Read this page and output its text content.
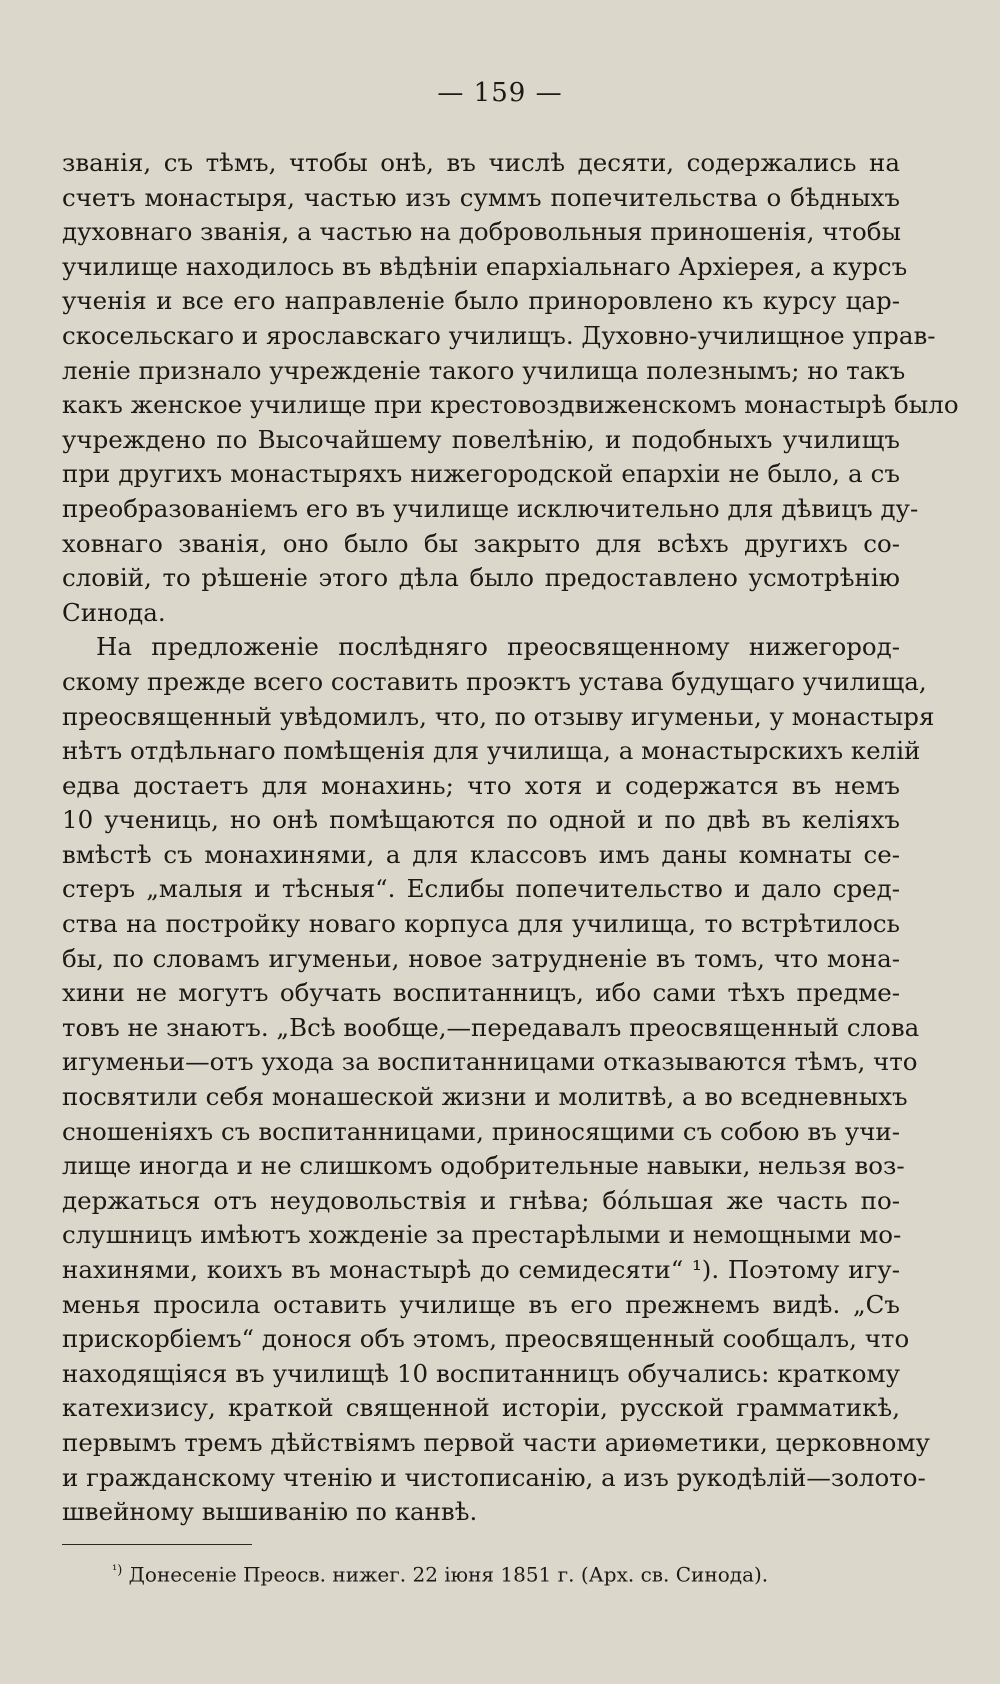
— 159 —
званія, съ тѣмъ, чтобы онѣ, въ числѣ десяти, содержались на
счетъ монастыря, частью изъ суммъ попечительства о бѣдныхъ
духовнаго званія, а частью на добровольныя приношенія, чтобы
училище находилось въ вѣдѣніи епархіальнаго Архіерея, а курсъ
ученія и все его направленіе было приноровлено къ курсу цар-
скосельскаго и ярославскаго училищъ. Духовно-училищное управ-
леніе признало учрежденіе такого училища полезнымъ; но такъ
какъ женское училище при крестовоздвиженскомъ монастырѣ было
учреждено по Высочайшему повелѣнію, и подобныхъ училищъ
при другихъ монастыряхъ нижегородской епархіи не было, а съ
преобразованіемъ его въ училище исключительно для дѣвицъ ду-
ховнаго званія, оно было бы закрыто для всѣхъ другихъ со-
словій, то рѣшеніе этого дѣла было предоставлено усмотрѣнію
Синода.
На предложеніе послѣдняго преосвященному нижегород-
скому прежде всего составить проэктъ устава будущаго училища,
преосвященный увѣдомилъ, что, по отзыву игуменьи, у монастыря
нѣтъ отдѣльнаго помѣщенія для училища, а монастырскихъ келій
едва достаетъ для монахинь; что хотя и содержатся въ немъ
10 учениць, но онѣ помѣщаются по одной и по двѣ въ келіяхъ
вмѣстѣ съ монахинями, а для классовъ имъ даны комнаты се-
стеръ „малыя и тѣсныя“. Еслибы попечительство и дало сред-
ства на постройку новаго корпуса для училища, то встрѣтилось
бы, по словамъ игуменьи, новое затрудненіе въ томъ, что мона-
хини не могутъ обучать воспитанницъ, ибо сами тѣхъ предме-
товъ не знаютъ. „Всѣ вообще,—передавалъ преосвященный слова
игуменьи—отъ ухода за воспитанницами отказываются тѣмъ, что
посвятили себя монашеской жизни и молитвѣ, а во вседневныхъ
сношеніяхъ съ воспитанницами, приносящими съ собою въ учи-
лище иногда и не слишкомъ одобрительные навыки, нельзя воз-
держаться отъ неудовольствія и гнѣва; бо́льшая же часть по-
слушницъ имѣютъ хожденіе за престарѣлыми и немощными мо-
нахинями, коихъ въ монастырѣ до семидесяти“ ¹). Поэтому игу-
менья просила оставить училище въ его прежнемъ видѣ. „Съ
прискорбіемъ“ донося объ этомъ, преосвященный сообщалъ, что
находящіяся въ училищѣ 10 воспитанницъ обучались: краткому
катехизису, краткой священной исторіи, русской грамматикѣ,
первымъ тремъ дѣйствіямъ первой части ариѳметики, церковному
и гражданскому чтенію и чистописанію, а изъ рукодѣлій—золото-
швейному вышиванію по канвѣ.
$^{^1)}$ Донесеніе Преосв. нижег. 22 іюня 1851 г. (Арх. св. Синода).
